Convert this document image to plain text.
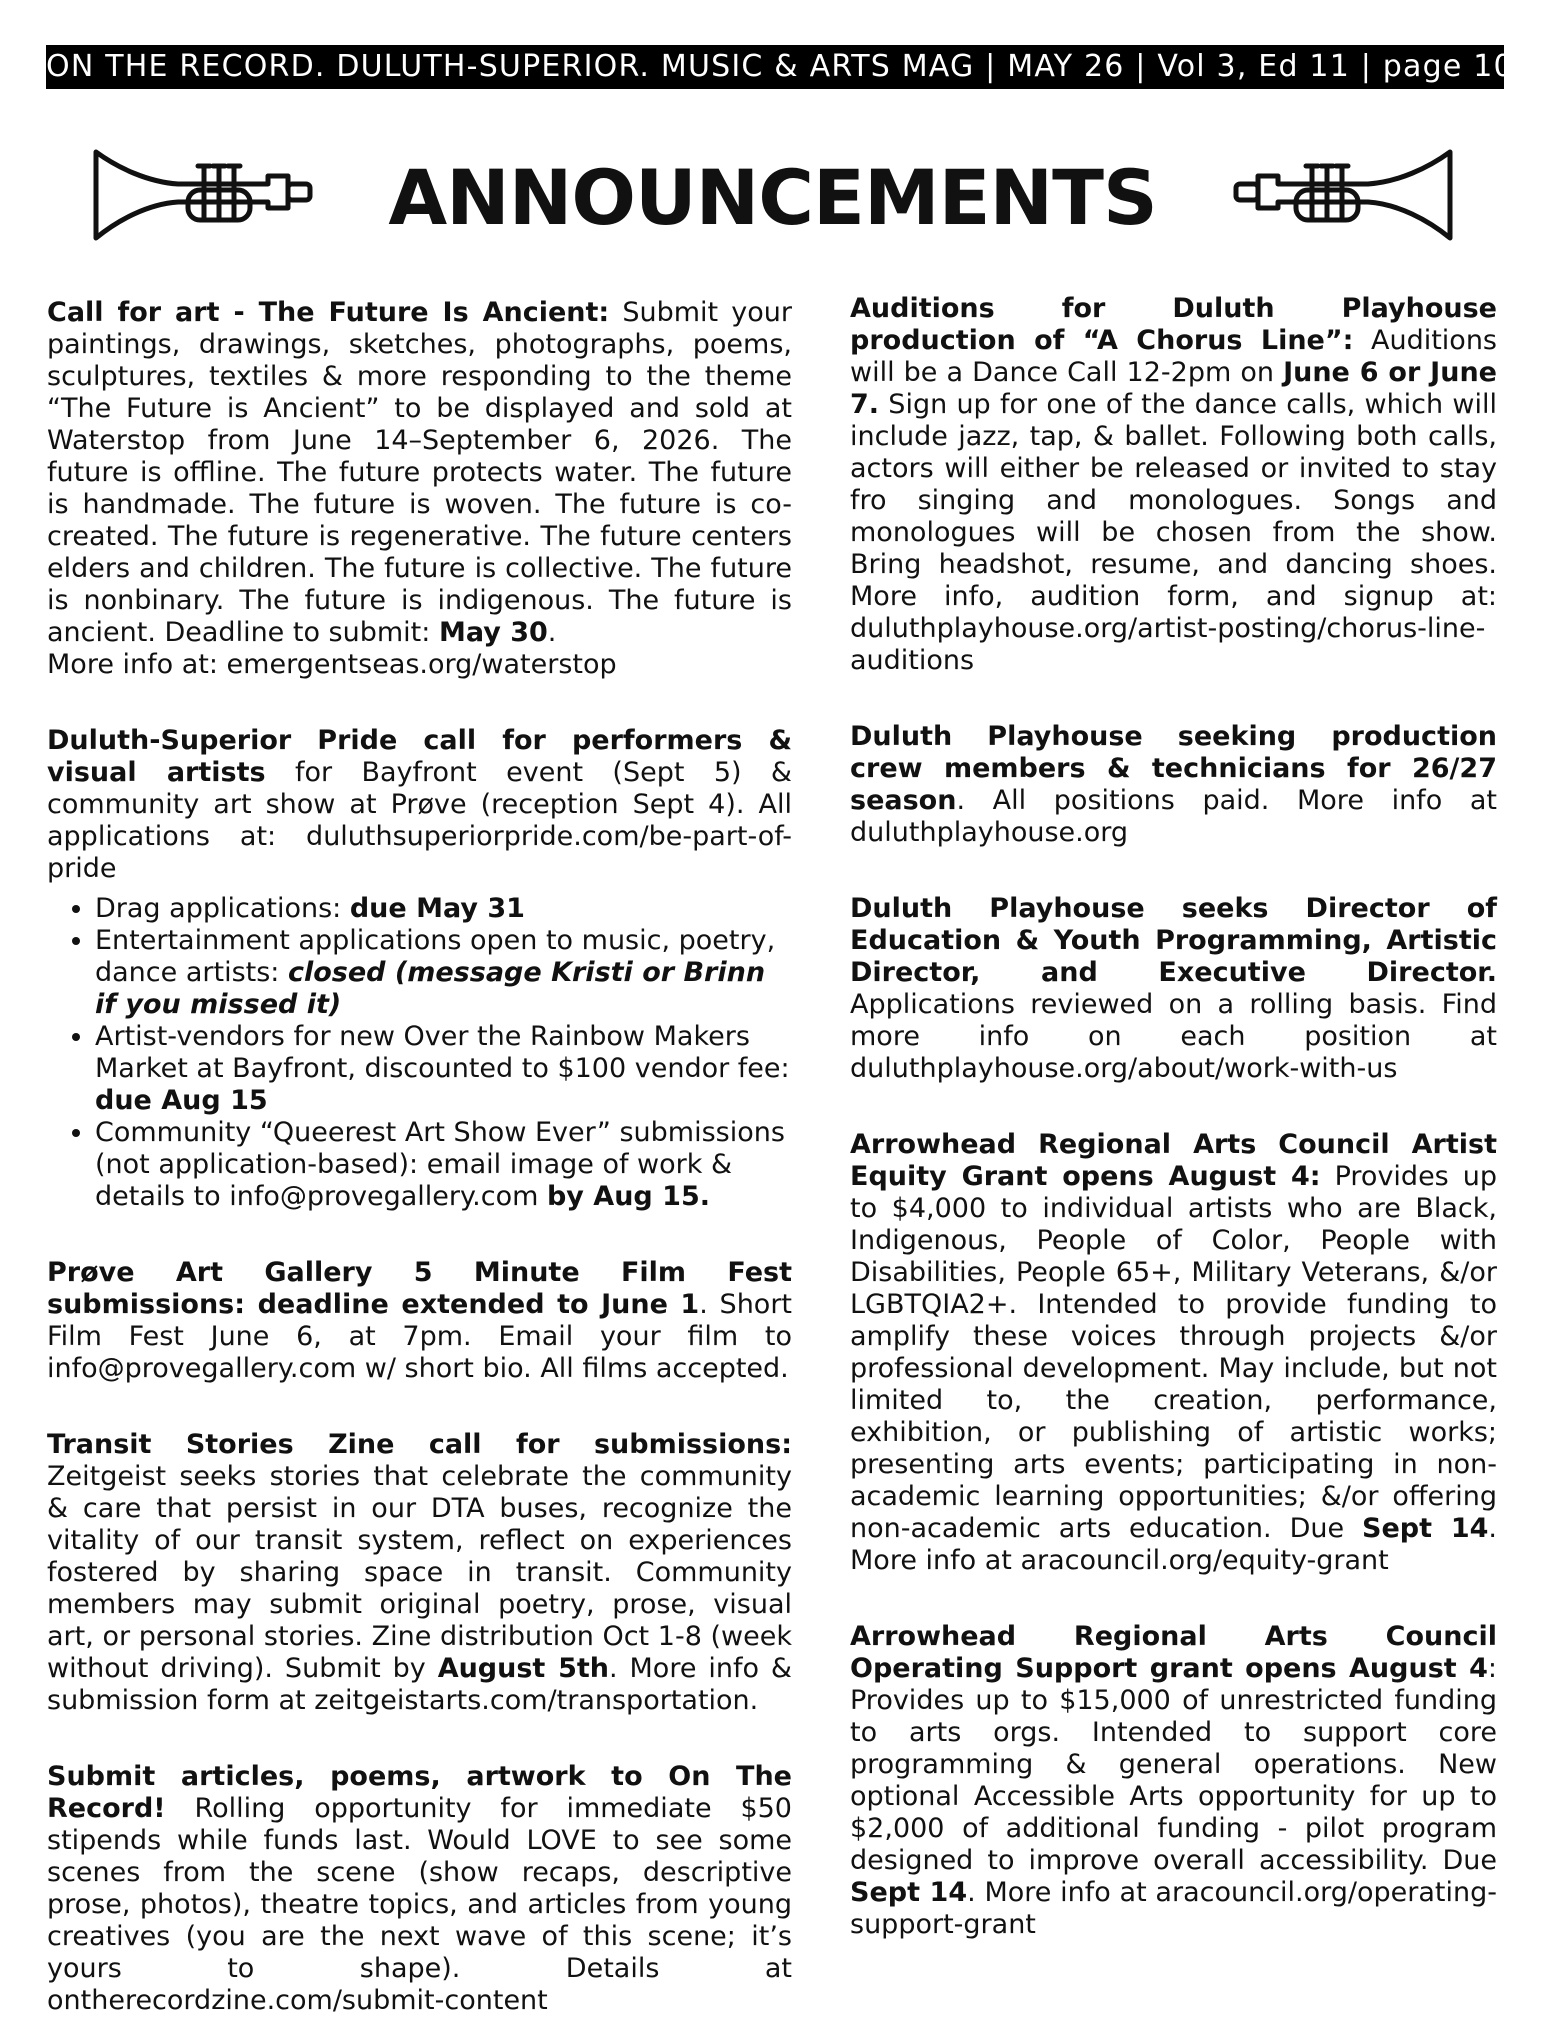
ON THE RECORD. DULUTH-SUPERIOR. MUSIC & ARTS MAG | MAY 26 | Vol 3, Ed 11 | page 10
ANNOUNCEMENTS

Call for art - The Future Is Ancient: Submit your paintings, drawings, sketches, photographs, poems, sculptures, textiles & more responding to the theme “The Future is Ancient” to be displayed and sold at Waterstop from June 14–September 6, 2026. The future is offline. The future protects water. The future is handmade. The future is woven. The future is co-created. The future is regenerative. The future centers elders and children. The future is collective. The future is nonbinary. The future is indigenous. The future is ancient. Deadline to submit: May 30.
More info at: emergentseas.org/waterstop

Duluth-Superior Pride call for performers & visual artists for Bayfront event (Sept 5) & community art show at Prøve (reception Sept 4). All applications at: duluthsuperiorpride.com/be-part-of-pride

• Drag applications: due May 31
• Entertainment applications open to music, poetry, dance artists: closed (message Kristi or Brinn if you missed it)
• Artist-vendors for new Over the Rainbow Makers Market at Bayfront, discounted to $100 vendor fee: due Aug 15
• Community “Queerest Art Show Ever” submissions (not application-based): email image of work & details to info@provegallery.com by Aug 15.

Prøve Art Gallery 5 Minute Film Fest submissions: deadline extended to June 1. Short Film Fest June 6, at 7pm. Email your film to info@provegallery.com w/ short bio. All films accepted.

Transit Stories Zine call for submissions: Zeitgeist seeks stories that celebrate the community & care that persist in our DTA buses, recognize the vitality of our transit system, reflect on experiences fostered by sharing space in transit. Community members may submit original poetry, prose, visual art, or personal stories. Zine distribution Oct 1-8 (week without driving). Submit by August 5th. More info & submission form at zeitgeistarts.com/transportation.

Submit articles, poems, artwork to On The Record! Rolling opportunity for immediate $50 stipends while funds last. Would LOVE to see some scenes from the scene (show recaps, descriptive prose, photos), theatre topics, and articles from young creatives (you are the next wave of this scene; it’s yours to shape). Details at ontherecordzine.com/submit-content

Auditions for Duluth Playhouse production of “A Chorus Line”: Auditions will be a Dance Call 12-2pm on June 6 or June 7. Sign up for one of the dance calls, which will include jazz, tap, & ballet. Following both calls, actors will either be released or invited to stay fro singing and monologues. Songs and monologues will be chosen from the show. Bring headshot, resume, and dancing shoes. More info, audition form, and signup at: duluthplayhouse.org/artist-posting/chorus-line-auditions

Duluth Playhouse seeking production crew members & technicians for 26/27 season. All positions paid. More info at duluthplayhouse.org

Duluth Playhouse seeks Director of Education & Youth Programming, Artistic Director, and Executive Director. Applications reviewed on a rolling basis. Find more info on each position at duluthplayhouse.org/about/work-with-us

Arrowhead Regional Arts Council Artist Equity Grant opens August 4: Provides up to $4,000 to individual artists who are Black, Indigenous, People of Color, People with Disabilities, People 65+, Military Veterans, &/or LGBTQIA2+. Intended to provide funding to amplify these voices through projects &/or professional development. May include, but not limited to, the creation, performance, exhibition, or publishing of artistic works; presenting arts events; participating in non-academic learning opportunities; &/or offering non-academic arts education. Due Sept 14. More info at aracouncil.org/equity-grant

Arrowhead Regional Arts Council Operating Support grant opens August 4: Provides up to $15,000 of unrestricted funding to arts orgs. Intended to support core programming & general operations. New optional Accessible Arts opportunity for up to $2,000 of additional funding - pilot program designed to improve overall accessibility. Due Sept 14. More info at aracouncil.org/operating-support-grant
